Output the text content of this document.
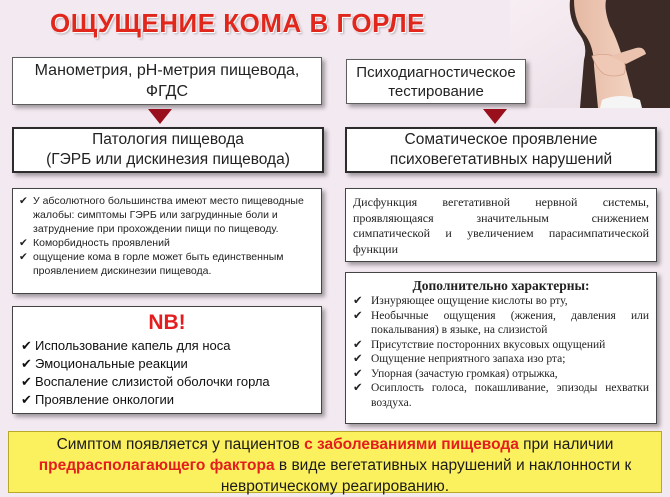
ОЩУЩЕНИЕ КОМА В ГОРЛЕ
Манометрия, pH-метрия пищевода,
ФГДС
Психодиагностическое
тестирование
Патология пищевода
(ГЭРБ или дискинезия пищевода)
Соматическое проявление
психовегетативных нарушений
✔ У абсолютного большинства имеют место пищеводные жалобы: симптомы ГЭРБ или загрудинные боли и затруднение при прохождении пищи по пищеводу.
✔ Коморбидность проявлений
✔ ощущение кома в горле может быть единственным проявлением дискинезии пищевода.
NB!
✔ Использование капель для носа
✔ Эмоциональные реакции
✔ Воспаление слизистой оболочки горла
✔ Проявление онкологии
Дисфункция вегетативной нервной системы, проявляющаяся значительным снижением симпатической и увеличением парасимпатической функции
Дополнительно характерны:
✔ Изнуряющее ощущение кислоты во рту,
✔ Необычные ощущения (жжения, давления или покалывания) в языке, на слизистой
✔ Присутствие посторонних вкусовых ощущений
✔ Ощущение неприятного запаха изо рта;
✔ Упорная (зачастую громкая) отрыжка,
✔ Осиплость голоса, покашливание, эпизоды нехватки воздуха.
Симптом появляется у пациентов с заболеваниями пищевода при наличии предрасполагающего фактора в виде вегетативных нарушений и наклонности к невротическому реагированию.
